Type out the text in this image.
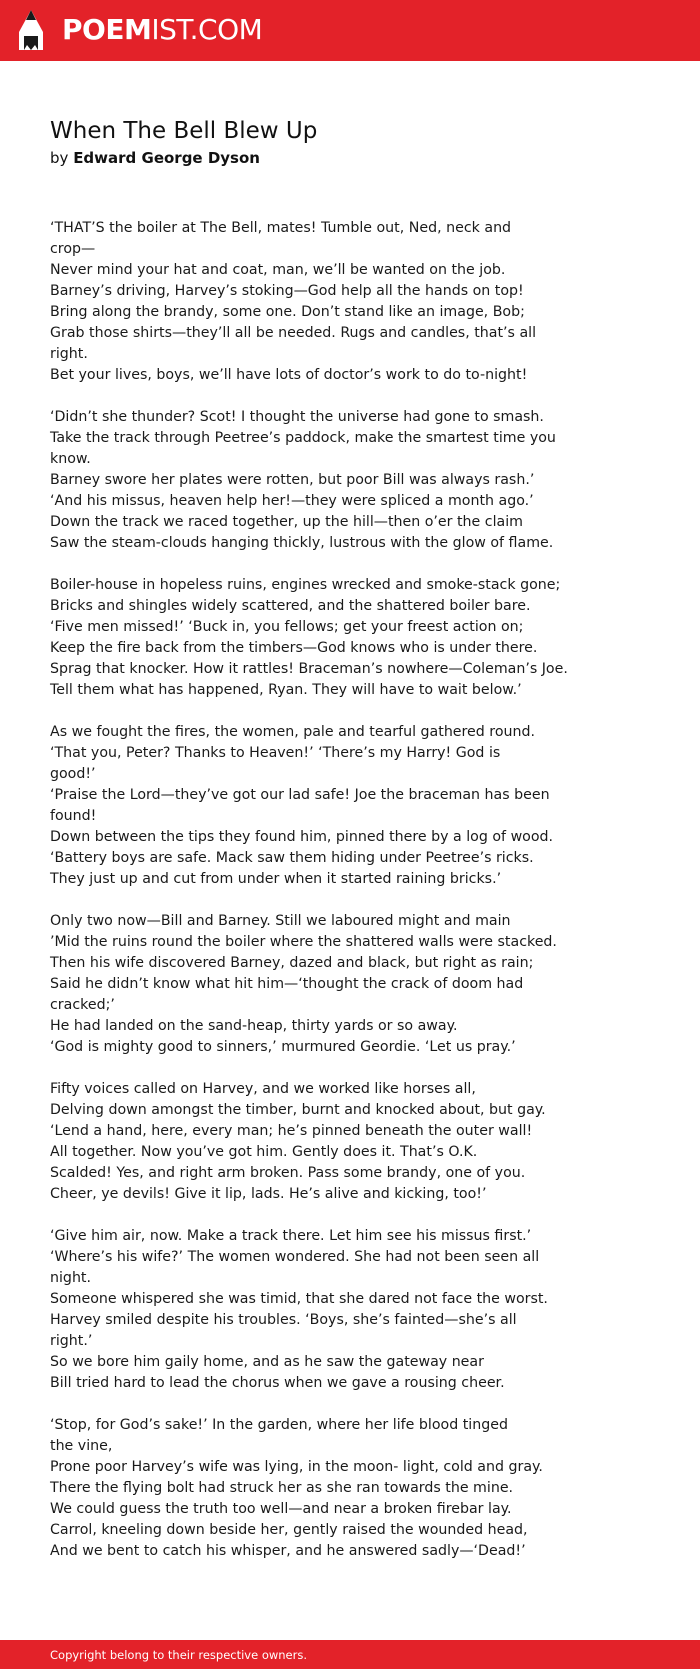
POEMIST.COM
When The Bell Blew Up
by Edward George Dyson
‘THAT’S the boiler at The Bell, mates! Tumble out, Ned, neck and
crop—
Never mind your hat and coat, man, we’ll be wanted on the job.
Barney’s driving, Harvey’s stoking—God help all the hands on top!
Bring along the brandy, some one. Don’t stand like an image, Bob;
Grab those shirts—they’ll all be needed. Rugs and candles, that’s all
right.
Bet your lives, boys, we’ll have lots of doctor’s work to do to-night!
‘Didn’t she thunder? Scot! I thought the universe had gone to smash.
Take the track through Peetree’s paddock, make the smartest time you
know.
Barney swore her plates were rotten, but poor Bill was always rash.’
‘And his missus, heaven help her!—they were spliced a month ago.’
Down the track we raced together, up the hill—then o’er the claim
Saw the steam-clouds hanging thickly, lustrous with the glow of flame.
Boiler-house in hopeless ruins, engines wrecked and smoke-stack gone;
Bricks and shingles widely scattered, and the shattered boiler bare.
‘Five men missed!’ ‘Buck in, you fellows; get your freest action on;
Keep the fire back from the timbers—God knows who is under there.
Sprag that knocker. How it rattles! Braceman’s nowhere—Coleman’s Joe.
Tell them what has happened, Ryan. They will have to wait below.’
As we fought the fires, the women, pale and tearful gathered round.
‘That you, Peter? Thanks to Heaven!’ ‘There’s my Harry! God is
good!’
‘Praise the Lord—they’ve got our lad safe! Joe the braceman has been
found!
Down between the tips they found him, pinned there by a log of wood.
‘Battery boys are safe. Mack saw them hiding under Peetree’s ricks.
They just up and cut from under when it started raining bricks.’
Only two now—Bill and Barney. Still we laboured might and main
’Mid the ruins round the boiler where the shattered walls were stacked.
Then his wife discovered Barney, dazed and black, but right as rain;
Said he didn’t know what hit him—‘thought the crack of doom had
cracked;’
He had landed on the sand-heap, thirty yards or so away.
‘God is mighty good to sinners,’ murmured Geordie. ‘Let us pray.’
Fifty voices called on Harvey, and we worked like horses all,
Delving down amongst the timber, burnt and knocked about, but gay.
‘Lend a hand, here, every man; he’s pinned beneath the outer wall!
All together. Now you’ve got him. Gently does it. That’s O.K.
Scalded! Yes, and right arm broken. Pass some brandy, one of you.
Cheer, ye devils! Give it lip, lads. He’s alive and kicking, too!’
‘Give him air, now. Make a track there. Let him see his missus first.’
‘Where’s his wife?’ The women wondered. She had not been seen all
night.
Someone whispered she was timid, that she dared not face the worst.
Harvey smiled despite his troubles. ‘Boys, she’s fainted—she’s all
right.’
So we bore him gaily home, and as he saw the gateway near
Bill tried hard to lead the chorus when we gave a rousing cheer.
‘Stop, for God’s sake!’ In the garden, where her life blood tinged
the vine,
Prone poor Harvey’s wife was lying, in the moon- light, cold and gray.
There the flying bolt had struck her as she ran towards the mine.
We could guess the truth too well—and near a broken firebar lay.
Carrol, kneeling down beside her, gently raised the wounded head,
And we bent to catch his whisper, and he answered sadly—‘Dead!’
Copyright belong to their respective owners.
